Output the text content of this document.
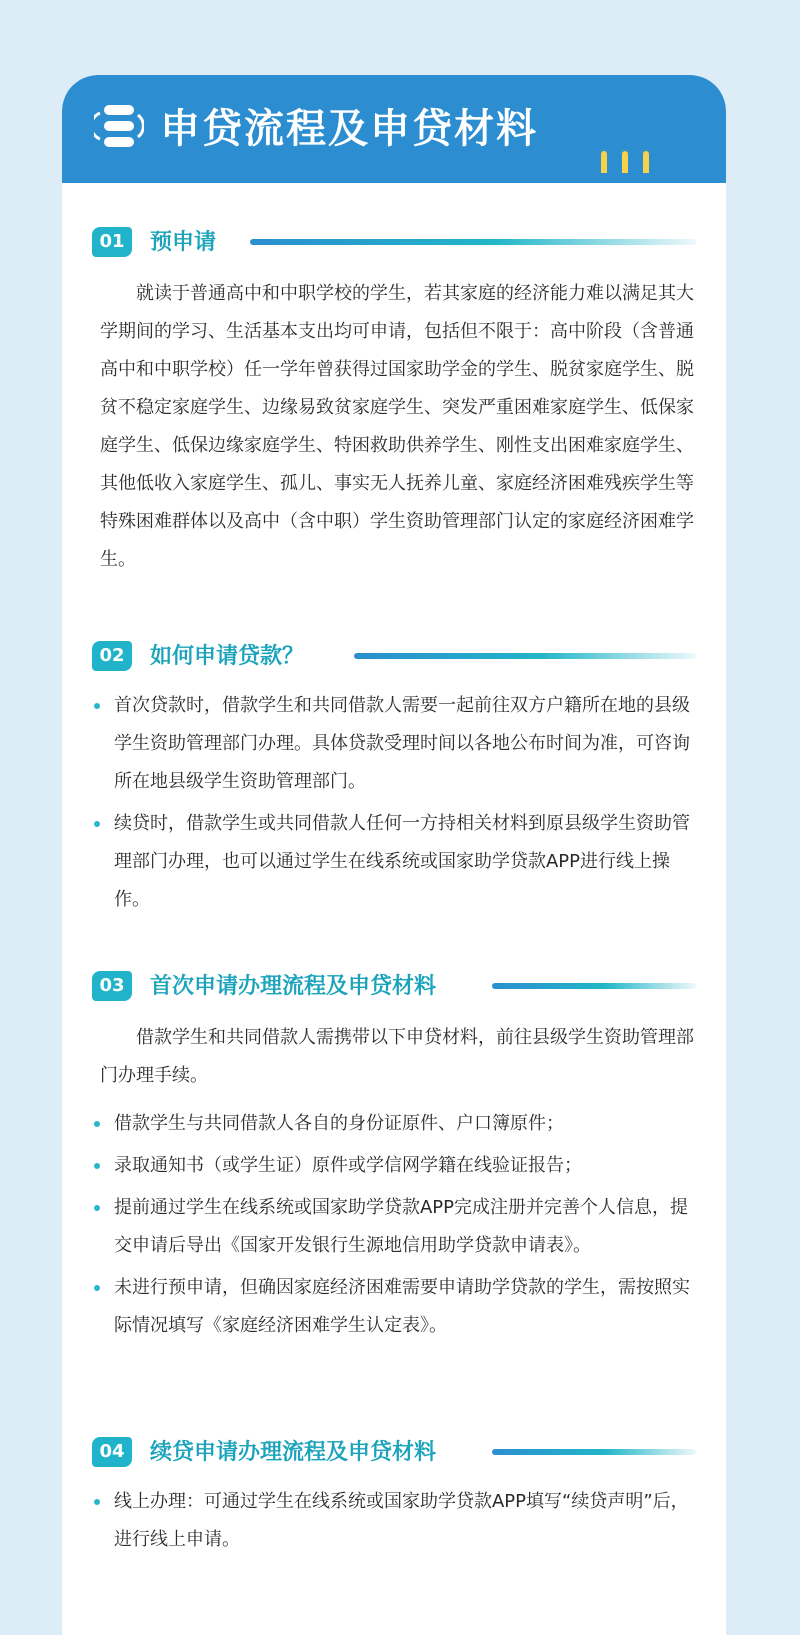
申贷流程及申贷材料
01	预申请
就读于普通高中和中职学校的学生，若其家庭的经济能力难以满足其大学期间的学习、生活基本支出均可申请，包括但不限于：高中阶段（含普通高中和中职学校）任一学年曾获得过国家助学金的学生、脱贫家庭学生、脱贫不稳定家庭学生、边缘易致贫家庭学生、突发严重困难家庭学生、低保家庭学生、低保边缘家庭学生、特困救助供养学生、刚性支出困难家庭学生、其他低收入家庭学生、孤儿、事实无人抚养儿童、家庭经济困难残疾学生等特殊困难群体以及高中（含中职）学生资助管理部门认定的家庭经济困难学生。
02	如何申请贷款？
首次贷款时，借款学生和共同借款人需要一起前往双方户籍所在地的县级学生资助管理部门办理。具体贷款受理时间以各地公布时间为准，可咨询所在地县级学生资助管理部门。
续贷时，借款学生或共同借款人任何一方持相关材料到原县级学生资助管理部门办理，也可以通过学生在线系统或国家助学贷款APP进行线上操作。
03	首次申请办理流程及申贷材料
借款学生和共同借款人需携带以下申贷材料，前往县级学生资助管理部门办理手续。
借款学生与共同借款人各自的身份证原件、户口簿原件；
录取通知书（或学生证）原件或学信网学籍在线验证报告；
提前通过学生在线系统或国家助学贷款APP完成注册并完善个人信息，提交申请后导出《国家开发银行生源地信用助学贷款申请表》。
未进行预申请，但确因家庭经济困难需要申请助学贷款的学生，需按照实际情况填写《家庭经济困难学生认定表》。
04	续贷申请办理流程及申贷材料
线上办理：可通过学生在线系统或国家助学贷款APP填写“续贷声明”后，进行线上申请。
